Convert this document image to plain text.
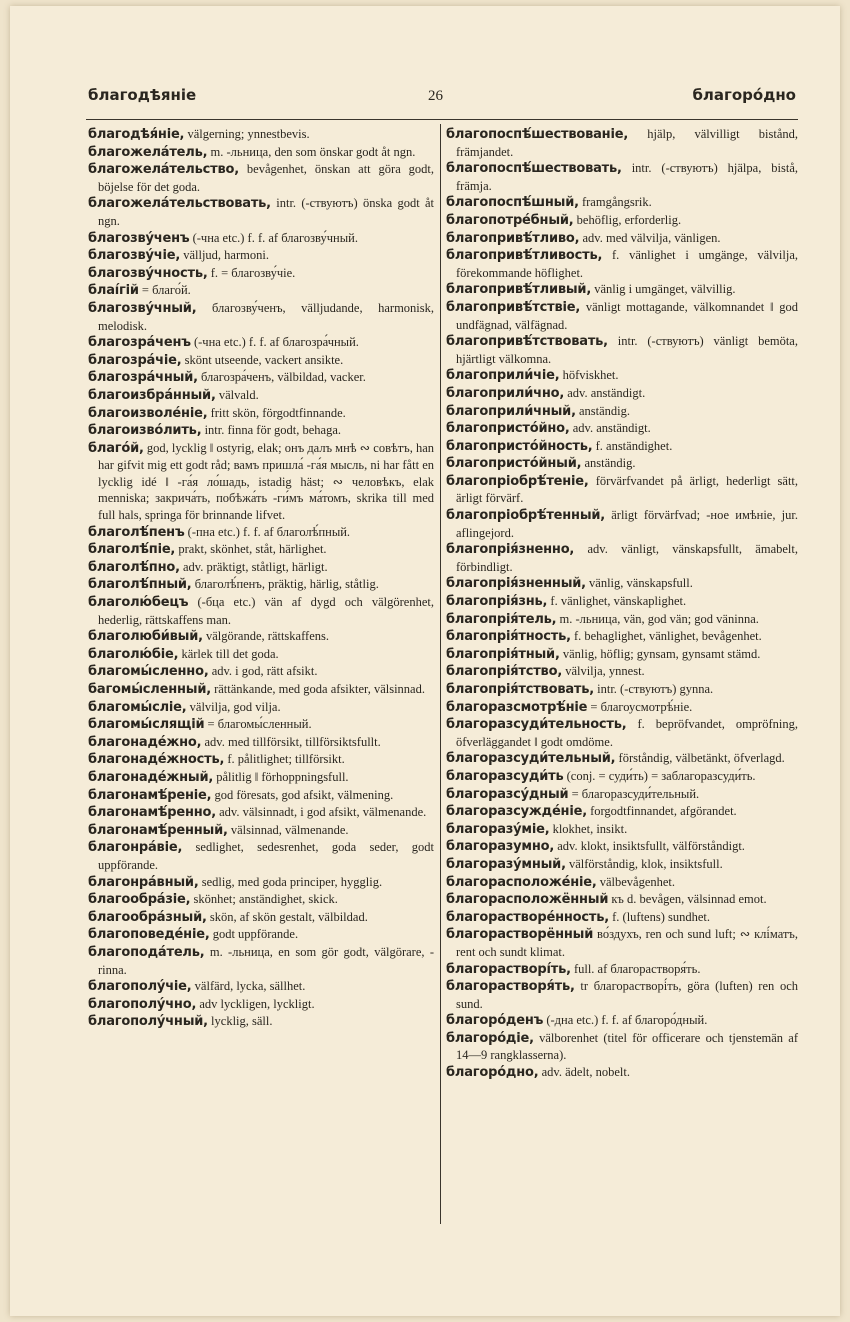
благодѣяніе	26	благоро́дно

благодѣя́ніе, välgerning; ynnestbevis.

благожела́тель, m. -льница, den som önskar godt åt ngn.

благожела́тельство, bevågenhet, önskan att göra godt, böjelse för det goda.

благожела́тельствовать, intr. (-ствуютъ) önska godt åt ngn.

благозву́ченъ (-чна etc.) f. f. af благозву́чный.

благозву́чіе, välljud, harmoni.

благозву́чность, f. = благозву́чіе.

блаі́гій = благо́й.

благозву́чный, благозву́ченъ, välljudande, harmonisk, melodisk.

благозра́ченъ (-чна etc.) f. f. af благозра́чный.

благозра́чіе, skönt utseende, vackert ansikte.

благозра́чный, благозра́ченъ, välbildad, vacker.

благоизбра́нный, välvald.

благоизволе́ніе, fritt skön, förgodtfinnande.

благоизво́лить, intr. finna för godt, behaga.

благо́й, god, lycklig ‖ ostyrig, elak; онъ далъ мнѣ ∾ совѣтъ, han har gifvit mig ett godt råd; вамъ пришла́ -га́я мысль, ni har fått en lycklig idé ‖ -га́я ло́шадь, istadig häst; ∾ человѣкъ, elak menniska; закрича́ть, побѣжа́ть -ги́мъ ма́томъ, skrika till med full hals, springa för brinnande lifvet.

благолѣ́пенъ (-пна etc.) f. f. af благолѣ́пный.

благолѣ́піе, prakt, skönhet, ståt, härlighet.

благолѣ́пно, adv. präktigt, ståtligt, härligt.

благолѣ́пный, благолѣ́пенъ, präktig, härlig, ståtlig.

благолю́бецъ (-бца etc.) vän af dygd och välgörenhet, hederlig, rättskaffens man.

благолюби́вый, välgörande, rättskaffens.

благолю́біе, kärlek till det goda.

благомы́сленно, adv. i god, rätt afsikt.

багомы́сленный, rättänkande, med goda afsikter, välsinnad.

благомы́сліе, välvilja, god vilja.

благомы́слящій = благомы́сленный.

благонаде́жно, adv. med tillförsikt, tillförsiktsfullt.

благонаде́жность, f. pålitlighet; tillförsikt.

благонаде́жный, pålitlig ‖ förhoppningsfull.

благонамѣ́реніе, god föresats, god afsikt, välmening.

благонамѣ́ренно, adv. välsinnadt, i god afsikt, välmenande.

благонамѣ́ренный, välsinnad, välmenande.

благонра́віе, sedlighet, sedesrenhet, goda seder, godt uppförande.

благонра́вный, sedlig, med goda principer, hygglig.

благообра́зіе, skönhet; anständighet, skick.

благообра́зный, skön, af skön gestalt, välbildad.

благоповеде́ніе, godt uppförande.

благопода́тель, m. -льница, en som gör godt, välgörare, -rinna.

благополу́чіе, välfärd, lycka, sällhet.

благополу́чно, adv lyckligen, lyckligt.

благополу́чный, lycklig, säll.

благопоспѣ́шествованіе, hjälp, välvilligt bistånd, främjandet.

благопоспѣ́шествовать, intr. (-ствуютъ) hjälpa, bistå, främja.

благопоспѣ́шный, framgångsrik.

благопотре́бный, behöflig, erforderlig.

благопривѣ́тливо, adv. med välvilja, vänligen.

благопривѣ́тливость, f. vänlighet i umgänge, välvilja, förekommande höflighet.

благопривѣ́тливый, vänlig i umgänget, välvillig.

благопривѣ́тствіе, vänligt mottagande, välkomnandet ‖ god undfägnad, välfägnad.

благопривѣ́тствовать, intr. (-ствуютъ) vänligt bemöta, hjärtligt välkomna.

благоприли́чіе, höfviskhet.

благоприли́чно, adv. anständigt.

благоприли́чный, anständig.

благопристо́йно, adv. anständigt.

благопристо́йность, f. anständighet.

благопристо́йный, anständig.

благопріобрѣ́теніе, förvärfvandet på ärligt, hederligt sätt, ärligt förvärf.

благопріобрѣ́тенный, ärligt förvärfvad; -ное имѣніе, jur. aflingejord.

благопрія́зненно, adv. vänligt, vänskapsfullt, ämabelt, förbindligt.

благопрія́зненный, vänlig, vänskapsfull.

благопрія́знь, f. vänlighet, vänskaplighet.

благопрія́тель, m. -льница, vän, god vän; god väninna.

благопрія́тность, f. behaglighet, vänlighet, bevågenhet.

благопрія́тный, vänlig, höflig; gynsam, gynsamt stämd.

благопрія́тство, välvilja, ynnest.

благопрія́тствовать, intr. (-ствуютъ) gynna.

благоразсмотрѣ́ніе = благоусмотрѣ́ніе.

благоразсуди́тельность, f. bepröfvandet, ompröfning, öfverläggandet ‖ godt omdöme.

благоразсуди́тельный, förståndig, välbetänkt, öfverlagd.

благоразсуди́ть (conj. = суди́ть) = заблагоразсуди́ть.

благоразсу́дный = благоразсуди́тельный.

благоразсужде́ніе, forgodtfinnandet, afgörandet.

благоразу́міе, klokhet, insikt.

благоразумно, adv. klokt, insiktsfullt, välförståndigt.

благоразу́мный, välförståndig, klok, insiktsfull.

благорасположе́ніе, välbevågenhet.

благорасположённый къ d. bevågen, välsinnad emot.

благорастворе́нность, f. (luftens) sundhet.

благорастворённый во́здухъ, ren och sund luft; ∾ клі́матъ, rent och sundt klimat.

благорастворі́ть, full. af благорастворя́ть.

благорастворя́ть, tr благорастворі́ть, göra (luften) ren och sund.

благоро́денъ (-дна etc.) f. f. af благоро́дный.

благоро́діе, välborenhet (titel för officerare och tjenstemän af 14—9 rangklasserna).

благоро́дно, adv. ädelt, nobelt.
